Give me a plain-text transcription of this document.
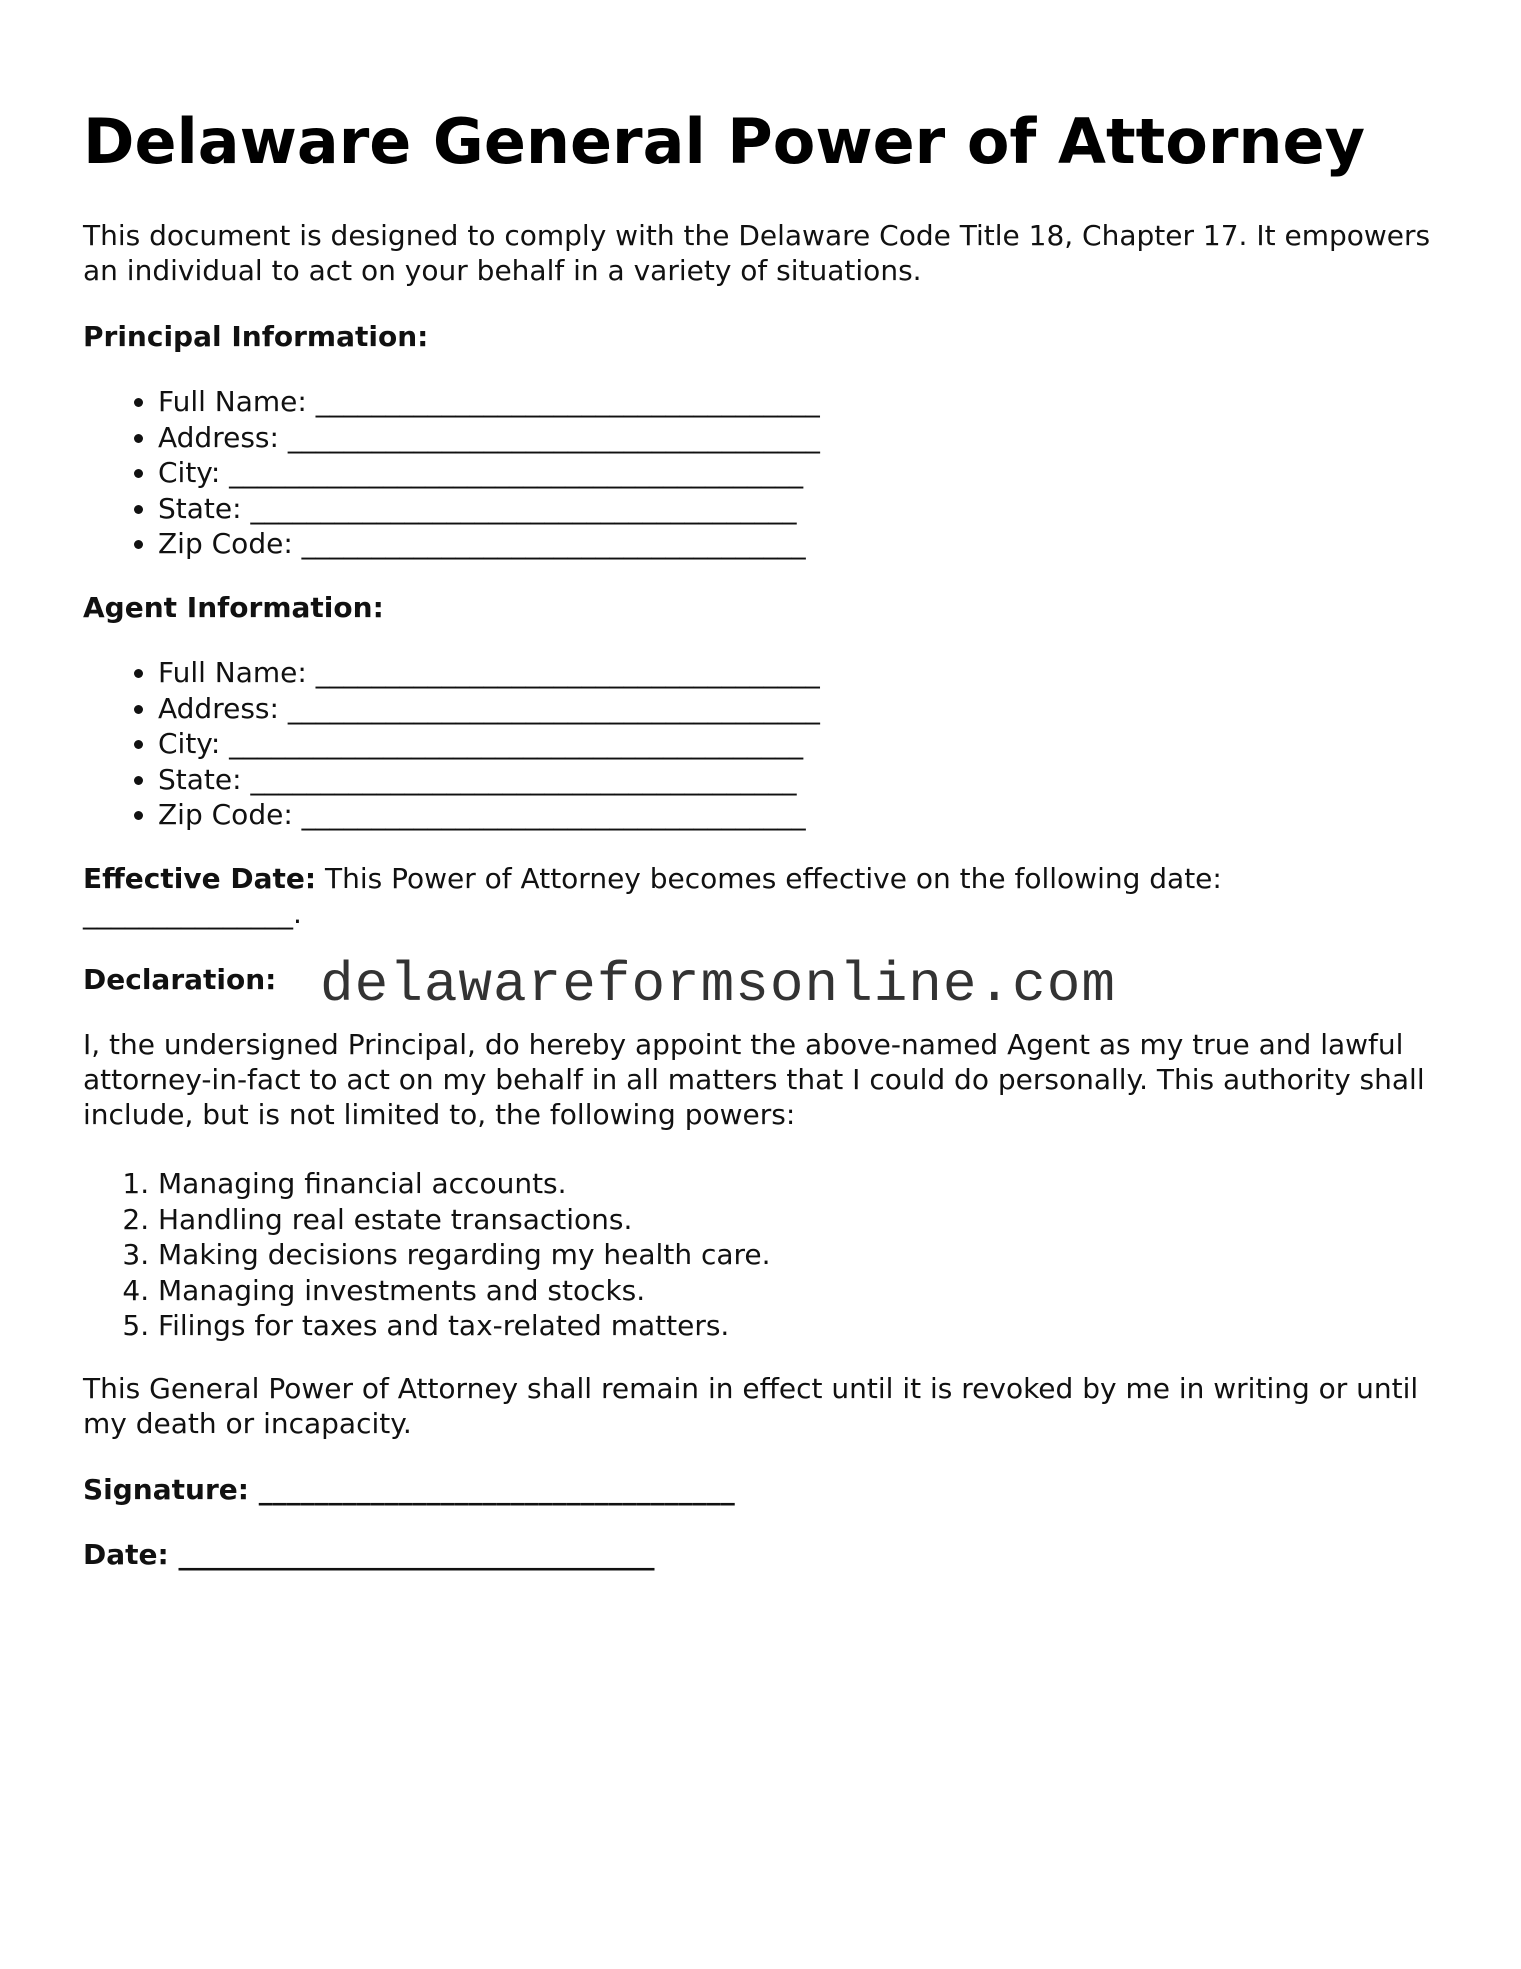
Delaware General Power of Attorney

This document is designed to comply with the Delaware Code Title 18, Chapter 17. It empowers an individual to act on your behalf in a variety of situations.

Principal Information:

• Full Name: ____________________________________
• Address: ______________________________________
• City: _________________________________________
• State: _______________________________________
• Zip Code: ____________________________________

Agent Information:

• Full Name: ____________________________________
• Address: ______________________________________
• City: _________________________________________
• State: _______________________________________
• Zip Code: ____________________________________

Effective Date: This Power of Attorney becomes effective on the following date: _______________.

Declaration: delawareformsonline.com

I, the undersigned Principal, do hereby appoint the above-named Agent as my true and lawful attorney-in-fact to act on my behalf in all matters that I could do personally. This authority shall include, but is not limited to, the following powers:

1. Managing financial accounts.
2. Handling real estate transactions.
3. Making decisions regarding my health care.
4. Managing investments and stocks.
5. Filings for taxes and tax-related matters.

This General Power of Attorney shall remain in effect until it is revoked by me in writing or until my death or incapacity.

Signature: __________________________________

Date: __________________________________
